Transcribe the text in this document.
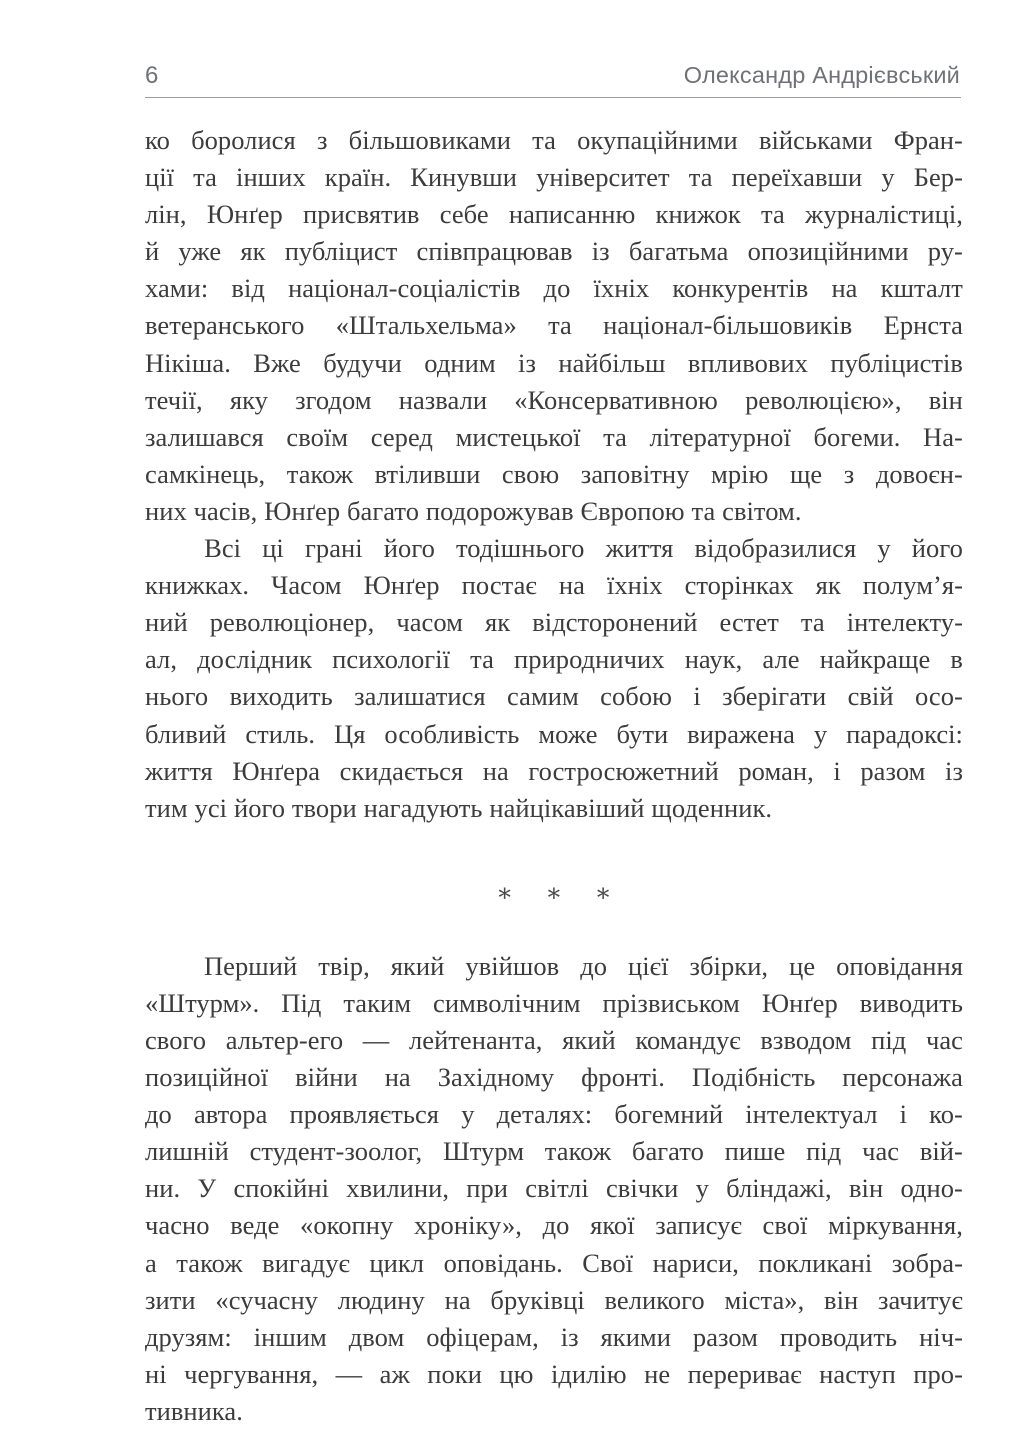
6	Олександр Андрієвський

ко боролися з більшовиками та окупаційними військами Фран-
ції та інших країн. Кинувши університет та переїхавши у Бер-
лін, Юнґер присвятив себе написанню книжок та журналістиці,
й уже як публіцист співпрацював із багатьма опозиційними ру-
хами: від націонал-соціалістів до їхніх конкурентів на кшталт
ветеранського «Штальхельма» та націонал-більшовиків Ернста
Нікіша. Вже будучи одним із найбільш впливових публіцистів
течії, яку згодом назвали «Консервативною революцією», він
залишався своїм серед мистецької та літературної богеми. На-
самкінець, також втіливши свою заповітну мрію ще з довоєн-
них часів, Юнґер багато подорожував Європою та світом.

Всі ці грані його тодішнього життя відобразилися у його
книжках. Часом Юнґер постає на їхніх сторінках як полум’я-
ний революціонер, часом як відсторонений естет та інтелекту-
ал, дослідник психології та природничих наук, але найкраще в
нього виходить залишатися самим собою і зберігати свій осо-
бливий стиль. Ця особливість може бути виражена у парадоксі:
життя Юнґера скидається на гостросюжетний роман, і разом із
тим усі його твори нагадують найцікавіший щоденник.

∗ ∗ ∗

Перший твір, який увійшов до цієї збірки, це оповідання
«Штурм». Під таким символічним прізвиськом Юнґер виводить
свого альтер-его — лейтенанта, який командує взводом під час
позиційної війни на Західному фронті. Подібність персонажа
до автора проявляється у деталях: богемний інтелектуал і ко-
лишній студент-зоолог, Штурм також багато пише під час вій-
ни. У спокійні хвилини, при світлі свічки у бліндажі, він одно-
часно веде «окопну хроніку», до якої записує свої міркування,
а також вигадує цикл оповідань. Свої нариси, покликані зобра-
зити «сучасну людину на бруківці великого міста», він зачитує
друзям: іншим двом офіцерам, із якими разом проводить ніч-
ні чергування, — аж поки цю ідилію не перериває наступ про-
тивника.
